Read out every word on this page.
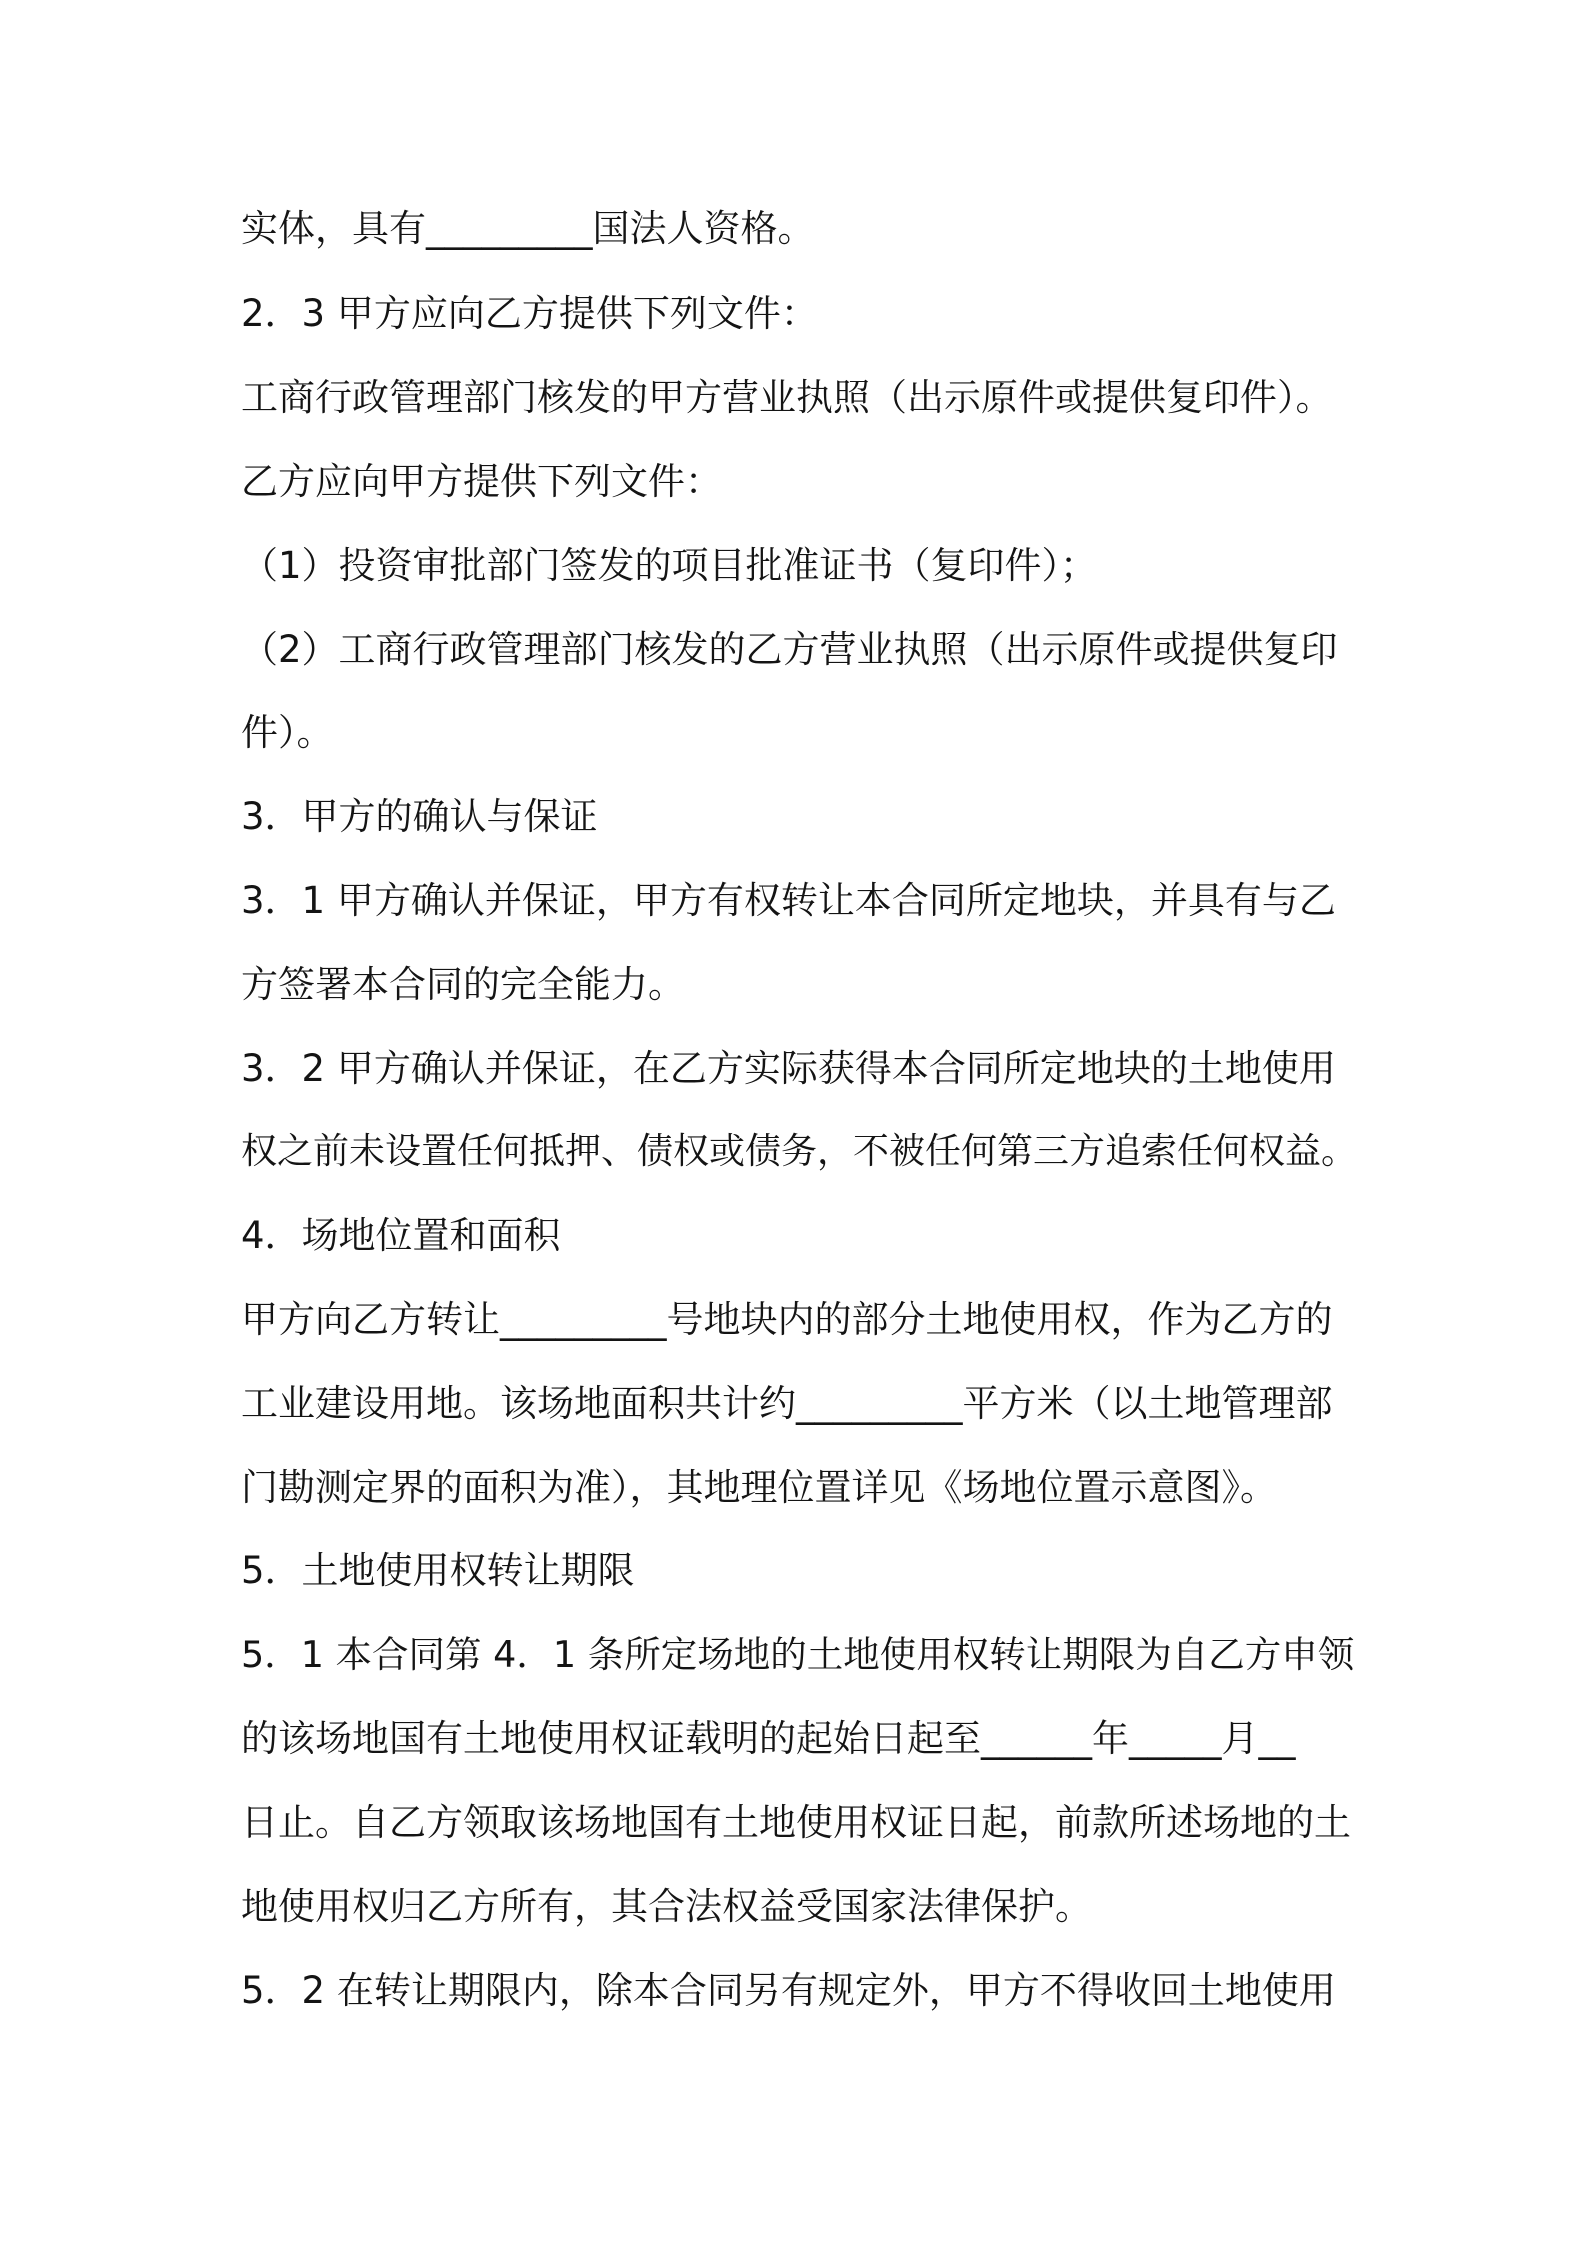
实体，具有_________国法人资格。
2．3 甲方应向乙方提供下列文件：
工商行政管理部门核发的甲方营业执照（出示原件或提供复印件）。
乙方应向甲方提供下列文件：
（1）投资审批部门签发的项目批准证书（复印件）；
（2）工商行政管理部门核发的乙方营业执照（出示原件或提供复印
件）。
3．甲方的确认与保证
3．1 甲方确认并保证，甲方有权转让本合同所定地块，并具有与乙
方签署本合同的完全能力。
3．2 甲方确认并保证，在乙方实际获得本合同所定地块的土地使用
权之前未设置任何抵押、债权或债务，不被任何第三方追索任何权益。
4．场地位置和面积
甲方向乙方转让_________号地块内的部分土地使用权，作为乙方的
工业建设用地。该场地面积共计约_________平方米（以土地管理部
门勘测定界的面积为准），其地理位置详见《场地位置示意图》。
5．土地使用权转让期限
5．1 本合同第 4．1 条所定场地的土地使用权转让期限为自乙方申领
的该场地国有土地使用权证载明的起始日起至______年_____月__
日止。自乙方领取该场地国有土地使用权证日起，前款所述场地的土
地使用权归乙方所有，其合法权益受国家法律保护。
5．2 在转让期限内，除本合同另有规定外，甲方不得收回土地使用
